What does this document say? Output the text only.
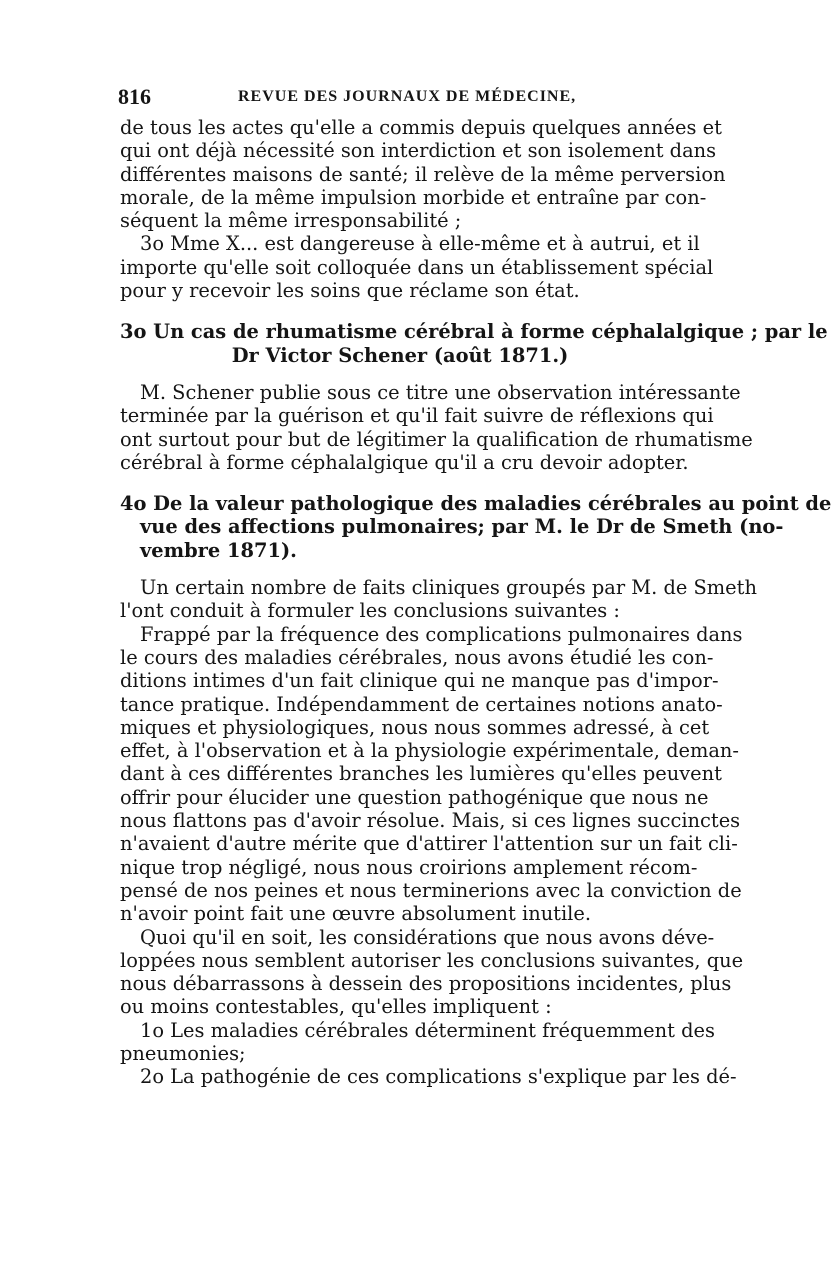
816	REVUE DES JOURNAUX DE MÉDECINE,
de tous les actes qu'elle a commis depuis quelques années et
qui ont déjà nécessité son interdiction et son isolement dans
différentes maisons de santé; il relève de la même perversion
morale, de la même impulsion morbide et entraîne par con-
séquent la même irresponsabilité ;
3o Mme X... est dangereuse à elle-même et à autrui, et il
importe qu'elle soit colloquée dans un établissement spécial
pour y recevoir les soins que réclame son état.
3o Un cas de rhumatisme cérébral à forme céphalalgique ; par le
Dr Victor Schener (août 1871.)
M. Schener publie sous ce titre une observation intéressante
terminée par la guérison et qu'il fait suivre de réflexions qui
ont surtout pour but de légitimer la qualification de rhumatisme
cérébral à forme céphalalgique qu'il a cru devoir adopter.
4o De la valeur pathologique des maladies cérébrales au point de
vue des affections pulmonaires; par M. le Dr de Smeth (no-
vembre 1871).
Un certain nombre de faits cliniques groupés par M. de Smeth
l'ont conduit à formuler les conclusions suivantes :
Frappé par la fréquence des complications pulmonaires dans
le cours des maladies cérébrales, nous avons étudié les con-
ditions intimes d'un fait clinique qui ne manque pas d'impor-
tance pratique. Indépendamment de certaines notions anato-
miques et physiologiques, nous nous sommes adressé, à cet
effet, à l'observation et à la physiologie expérimentale, deman-
dant à ces différentes branches les lumières qu'elles peuvent
offrir pour élucider une question pathogénique que nous ne
nous flattons pas d'avoir résolue. Mais, si ces lignes succinctes
n'avaient d'autre mérite que d'attirer l'attention sur un fait cli-
nique trop négligé, nous nous croirions amplement récom-
pensé de nos peines et nous terminerions avec la conviction de
n'avoir point fait une œuvre absolument inutile.
Quoi qu'il en soit, les considérations que nous avons déve-
loppées nous semblent autoriser les conclusions suivantes, que
nous débarrassons à dessein des propositions incidentes, plus
ou moins contestables, qu'elles impliquent :
1o Les maladies cérébrales déterminent fréquemment des
pneumonies;
2o La pathogénie de ces complications s'explique par les dé-
